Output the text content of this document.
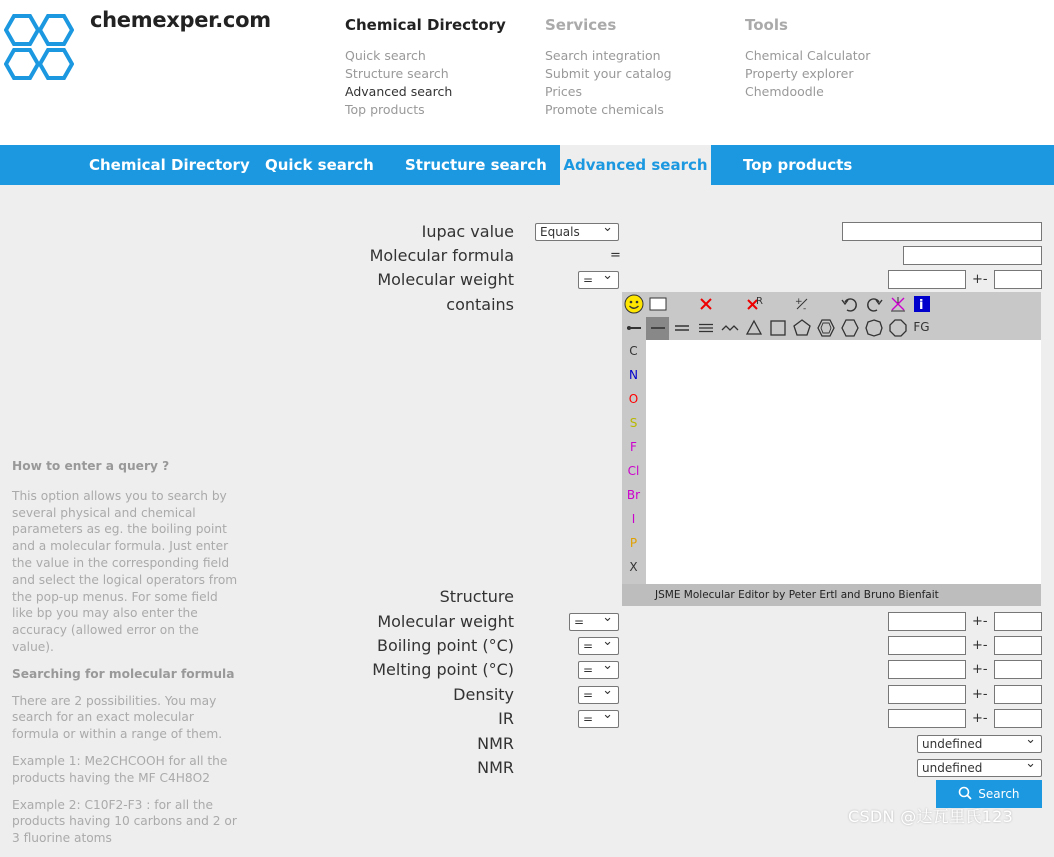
chemexper.com	Chemical Directory
Quick search
Structure search
Advanced search
Top products
Services
Search integration
Submit your catalog
Prices
Promote chemicals
Tools
Chemical Calculator
Property explorer
Chemdoodle
Chemical Directory Quick search Structure search Advanced search Top products
How to enter a query ?

This option allows you to search by several physical and chemical parameters as eg. the boiling point and a molecular formula. Just enter the value in the corresponding field and select the logical operators from the pop-up menus. For some field like bp you may also enter the accuracy (allowed error on the value).

Searching for molecular formula

There are 2 possibilities. You may search for an exact molecular formula or within a range of them.

Example 1: Me2CHCOOH for all the products having the MF C4H8O2

Example 2: C10F2-F3 : for all the products having 10 carbons and 2 or 3 fluorine atoms

Iupac value	Equals ⌄
Molecular formula	=
Molecular weight	= ⌄	+-
contains	R	+
-	i
FG
C
N
O
S
F
Cl
Br
I
P
X
JSME Molecular Editor by Peter Ertl and Bruno Bienfait
Structure
Molecular weight	= ⌄	+-
Boiling point (°C)	= ⌄	+-
Melting point (°C)	= ⌄	+-
Density	= ⌄	+-
IR	= ⌄	+-
NMR	undefined ⌄
NMR	undefined ⌄
Search
CSDN @达瓦里氏123
